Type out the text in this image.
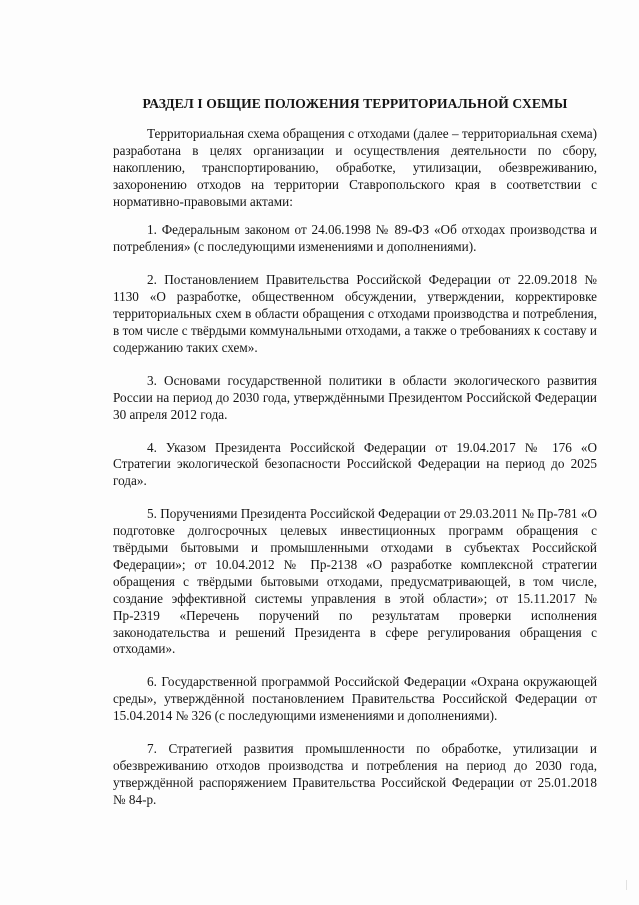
РАЗДЕЛ I ОБЩИЕ ПОЛОЖЕНИЯ ТЕРРИТОРИАЛЬНОЙ СХЕМЫ

Территориальная схема обращения с отходами (далее – территориальная схема) разработана в целях организации и осуществления деятельности по сбору, накоплению, транспортированию, обработке, утилизации, обезвреживанию, захоронению отходов на территории Ставропольского края в соответствии с нормативно-правовыми актами:

1. Федеральным законом от 24.06.1998 № 89-ФЗ «Об отходах производства и потребления» (с последующими изменениями и дополнениями).

2. Постановлением Правительства Российской Федерации от 22.09.2018 № 1130 «О разработке, общественном обсуждении, утверждении, корректировке территориальных схем в области обращения с отходами производства и потребления, в том числе с твёрдыми коммунальными отходами, а также о требованиях к составу и содержанию таких схем».

3. Основами государственной политики в области экологического развития России на период до 2030 года, утверждёнными Президентом Российской Федерации 30 апреля 2012 года.

4. Указом Президента Российской Федерации от 19.04.2017 № 176 «О Стратегии экологической безопасности Российской Федерации на период до 2025 года».

5. Поручениями Президента Российской Федерации от 29.03.2011 № Пр-781 «О подготовке долгосрочных целевых инвестиционных программ обращения с твёрдыми бытовыми и промышленными отходами в субъектах Российской Федерации»; от 10.04.2012 № Пр-2138 «О разработке комплексной стратегии обращения с твёрдыми бытовыми отходами, предусматривающей, в том числе, создание эффективной системы управления в этой области»; от 15.11.2017 № Пр-2319 «Перечень поручений по результатам проверки исполнения законодательства и решений Президента в сфере регулирования обращения с отходами».

6. Государственной программой Российской Федерации «Охрана окружающей среды», утверждённой постановлением Правительства Российской Федерации от 15.04.2014 № 326 (с последующими изменениями и дополнениями).

7. Стратегией развития промышленности по обработке, утилизации и обезвреживанию отходов производства и потребления на период до 2030 года, утверждённой распоряжением Правительства Российской Федерации от 25.01.2018 № 84-р.
